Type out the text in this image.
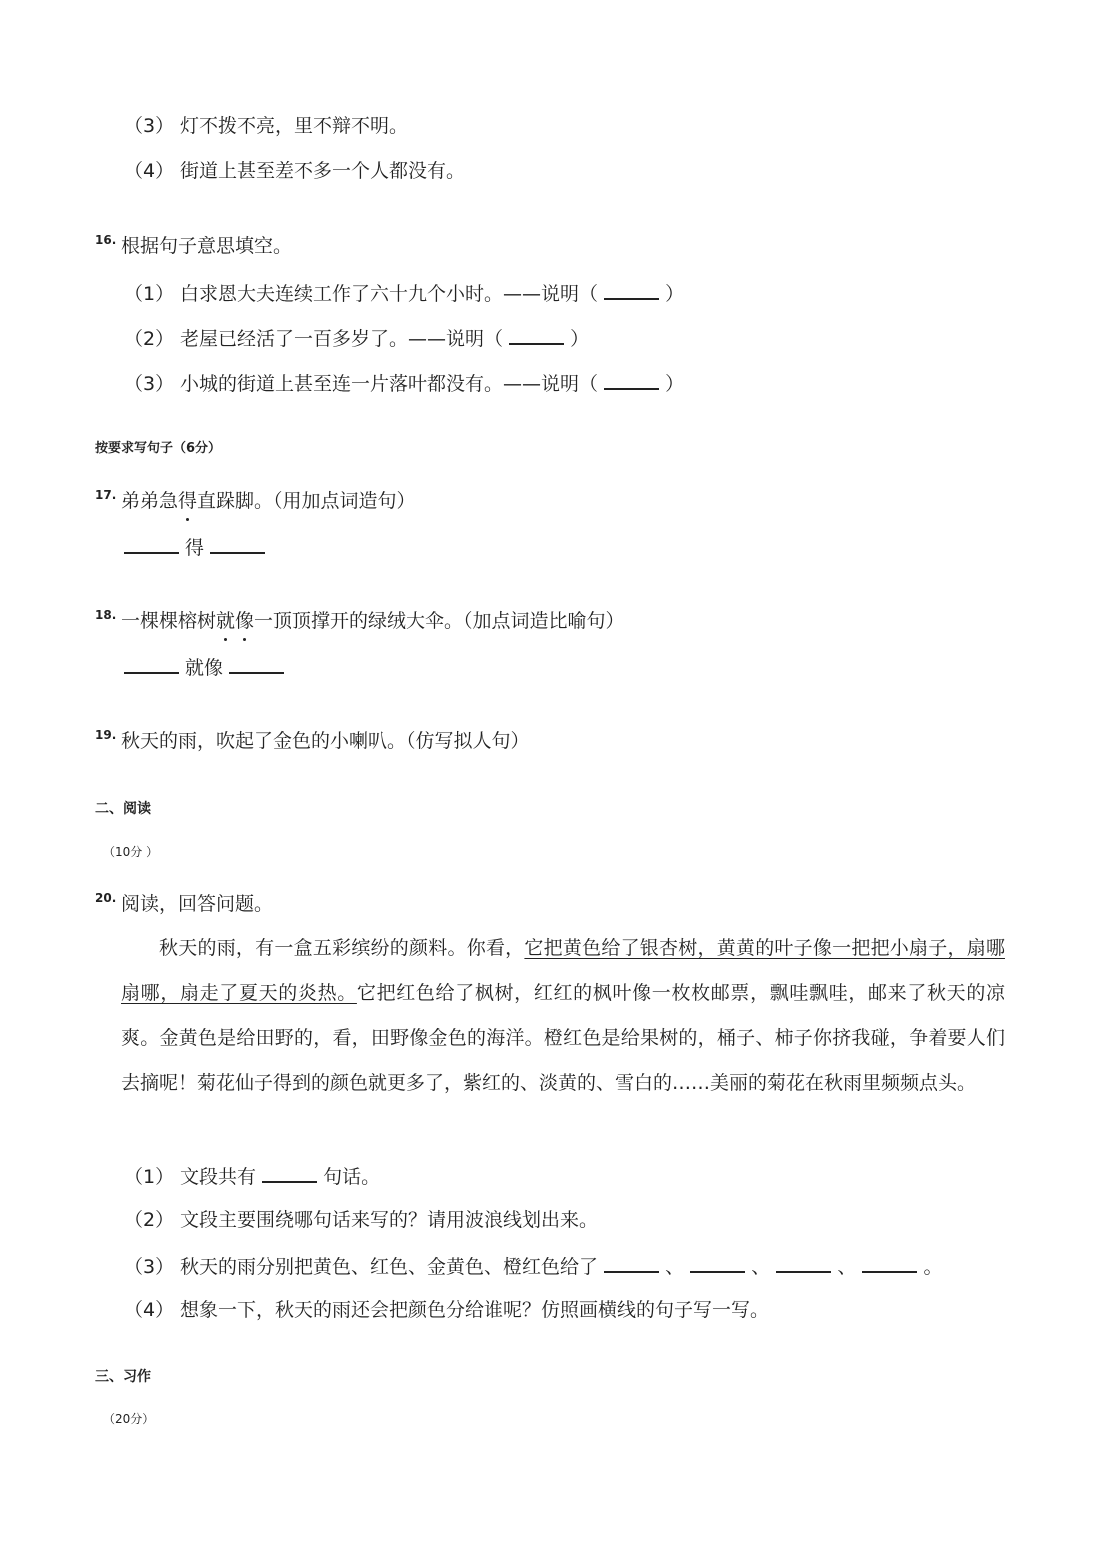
（3） 灯不拨不亮，里不辩不明。
（4） 街道上甚至差不多一个人都没有。
16. 根据句子意思填空。
（1） 白求恩大夫连续工作了六十九个小时。——说明（	）
（2） 老屋已经活了一百多岁了。——说明（	）
（3） 小城的街道上甚至连一片落叶都没有。——说明（	）
按要求写句子（6分）
17. 弟弟急得直跺脚。（用加点词造句）
得
18. 一棵棵榕树就像一顶顶撑开的绿绒大伞。（加点词造比喻句）
就像
19. 秋天的雨，吹起了金色的小喇叭。（仿写拟人句）
二、阅读
（10分 ）
20. 阅读，回答问题。
秋天的雨，有一盒五彩缤纷的颜料。你看，它把黄色给了银杏树，黄黄的叶子像一把把小扇子，扇哪扇哪，扇走了夏天的炎热。它把红色给了枫树，红红的枫叶像一枚枚邮票，飘哇飘哇，邮来了秋天的凉爽。金黄色是给田野的，看，田野像金色的海洋。橙红色是给果树的，桶子、柿子你挤我碰，争着要人们去摘呢！菊花仙子得到的颜色就更多了，紫红的、淡黄的、雪白的……美丽的菊花在秋雨里频频点头。
（1） 文段共有	句话。
（2） 文段主要围绕哪句话来写的？请用波浪线划出来。
（3） 秋天的雨分别把黄色、红色、金黄色、橙红色给了	、	、	、	。
（4） 想象一下，秋天的雨还会把颜色分给谁呢？仿照画横线的句子写一写。
三、习作
（20分）
